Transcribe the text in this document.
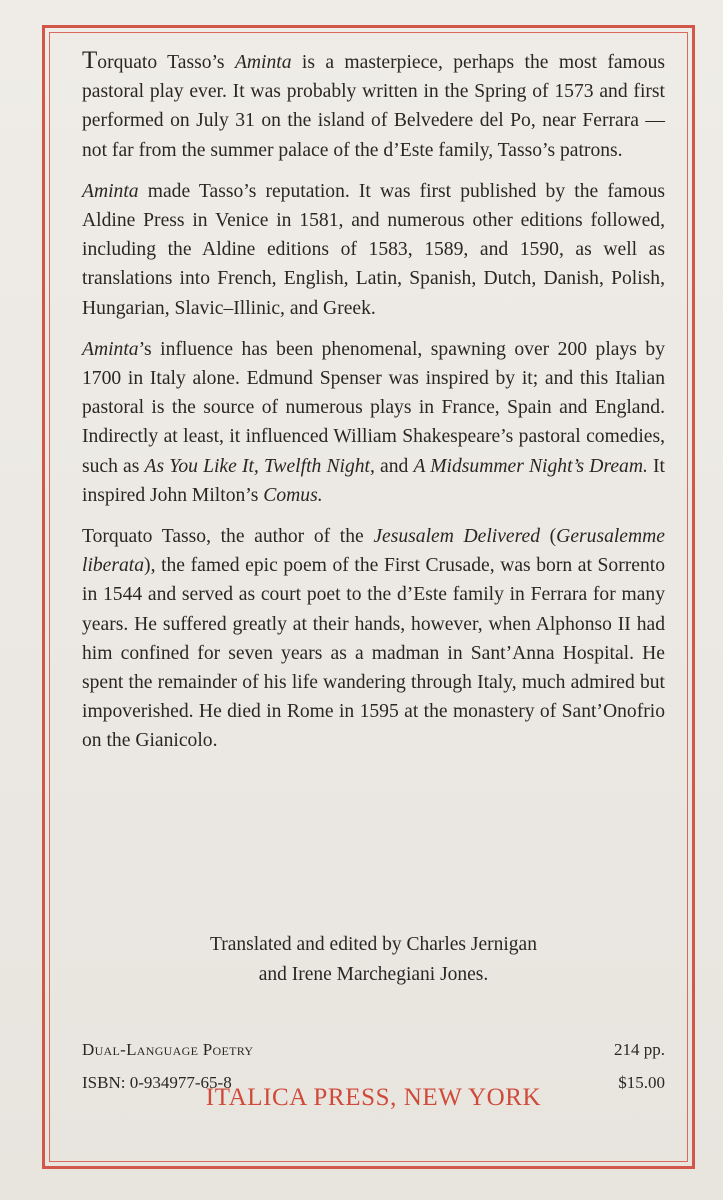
Torquato Tasso’s Aminta is a masterpiece, perhaps the most famous pastoral play ever. It was probably written in the Spring of 1573 and first performed on July 31 on the island of Belvedere del Po, near Ferrara — not far from the summer palace of the d’Este family, Tasso’s patrons.

Aminta made Tasso’s reputation. It was first published by the famous Aldine Press in Venice in 1581, and numerous other editions followed, including the Aldine editions of 1583, 1589, and 1590, as well as translations into French, English, Latin, Spanish, Dutch, Danish, Polish, Hungarian, Slavic–Illinic, and Greek.

Aminta’s influence has been phenomenal, spawning over 200 plays by 1700 in Italy alone. Edmund Spenser was inspired by it; and this Italian pastoral is the source of numerous plays in France, Spain and England. Indirectly at least, it influenced William Shakespeare’s pastoral comedies, such as As You Like It, Twelfth Night, and A Midsummer Night’s Dream. It inspired John Milton’s Comus.

Torquato Tasso, the author of the Jesusalem Delivered (Gerusalemme liberata), the famed epic poem of the First Crusade, was born at Sorrento in 1544 and served as court poet to the d’Este family in Ferrara for many years. He suffered greatly at their hands, however, when Alphonso II had him confined for seven years as a madman in Sant’Anna Hospital. He spent the remainder of his life wandering through Italy, much admired but impoverished. He died in Rome in 1595 at the monastery of Sant’Onofrio on the Gianicolo.

Translated and edited by Charles Jernigan
and Irene Marchegiani Jones.
Dual-Language Poetry	214 pp.
ISBN: 0-934977-65-8	$15.00
ITALICA PRESS, NEW YORK
